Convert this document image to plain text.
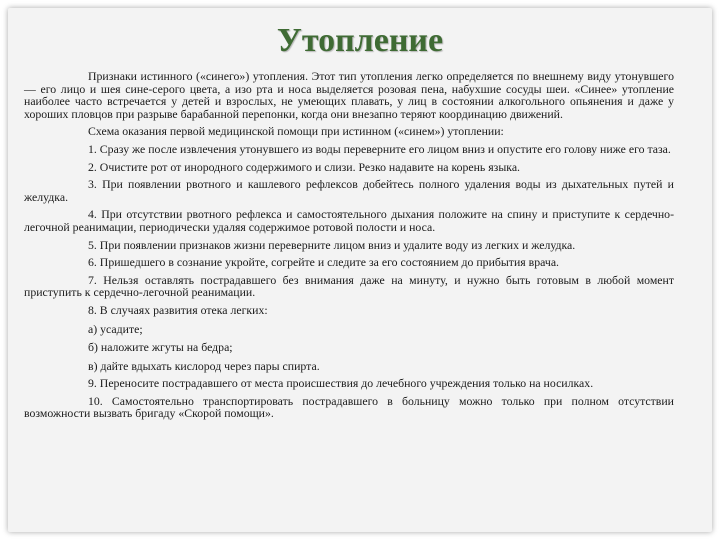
Утопление

Признаки истинного («синего») утопления. Этот тип утопления легко определяется по внешнему виду утонувшего — его лицо и шея сине-серого цвета, а изо рта и носа выделяется розовая пена, набухшие сосуды шеи. «Синее» утопление наиболее часто встречается у детей и взрослых, не умеющих плавать, у лиц в состоянии алкогольного опьянения и даже у хороших пловцов при разрыве барабанной перепонки, когда они внезапно теряют координацию движений.

Схема оказания первой медицинской помощи при истинном («синем») утоплении:

1. Сразу же после извлечения утонувшего из воды переверните его лицом вниз и опустите его голову ниже его таза.

2. Очистите рот от инородного содержимого и слизи. Резко надавите на корень языка.

3. При появлении рвотного и кашлевого рефлексов добейтесь полного удаления воды из дыхательных путей и желудка.

4. При отсутствии рвотного рефлекса и самостоятельного дыхания положите на спину и приступите к сердечно-легочной реанимации, периодически удаляя содержимое ротовой полости и носа.

5. При появлении признаков жизни переверните лицом вниз и удалите воду из легких и желудка.

6. Пришедшего в сознание укройте, согрейте и следите за его состоянием до прибытия врача.

7. Нельзя оставлять пострадавшего без внимания даже на минуту, и нужно быть готовым в любой момент приступить к сердечно-легочной реанимации.

8. В случаях развития отека легких:

а) усадите;

б) наложите жгуты на бедра;

в) дайте вдыхать кислород через пары спирта.

9. Переносите пострадавшего от места происшествия до лечебного учреждения только на носилках.

10. Самостоятельно транспортировать пострадавшего в больницу можно только при полном отсутствии возможности вызвать бригаду «Скорой помощи».
